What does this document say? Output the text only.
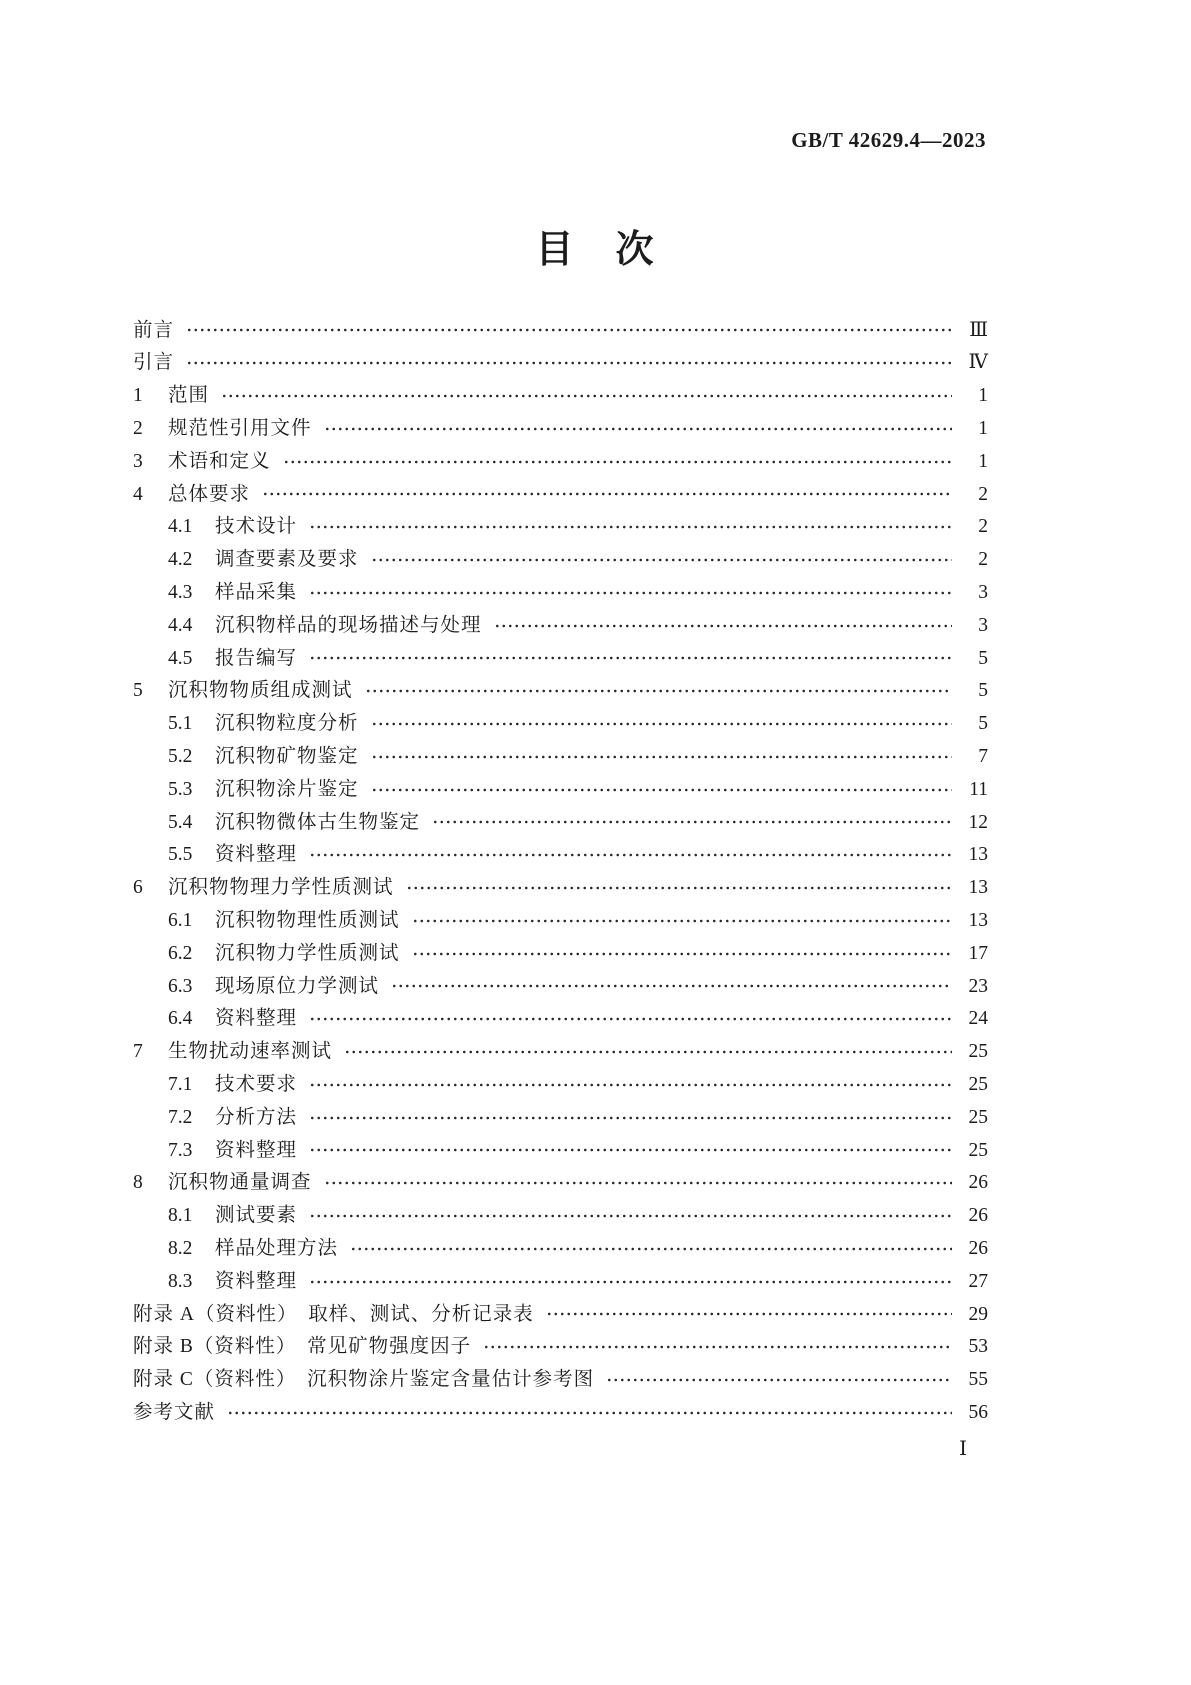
GB/T 42629.4—2023
目　次
前言	Ⅲ
引言	Ⅳ
1	范围	1
2	规范性引用文件	1
3	术语和定义	1
4	总体要求	2
4.1	技术设计	2
4.2	调查要素及要求	2
4.3	样品采集	3
4.4	沉积物样品的现场描述与处理	3
4.5	报告编写	5
5	沉积物物质组成测试	5
5.1	沉积物粒度分析	5
5.2	沉积物矿物鉴定	7
5.3	沉积物涂片鉴定	11
5.4	沉积物微体古生物鉴定	12
5.5	资料整理	13
6	沉积物物理力学性质测试	13
6.1	沉积物物理性质测试	13
6.2	沉积物力学性质测试	17
6.3	现场原位力学测试	23
6.4	资料整理	24
7	生物扰动速率测试	25
7.1	技术要求	25
7.2	分析方法	25
7.3	资料整理	25
8	沉积物通量调查	26
8.1	测试要素	26
8.2	样品处理方法	26
8.3	资料整理	27
附录 A（资料性）　取样、测试、分析记录表	29
附录 B（资料性）　常见矿物强度因子	53
附录 C（资料性）　沉积物涂片鉴定含量估计参考图	55
参考文献	56
Ⅰ
